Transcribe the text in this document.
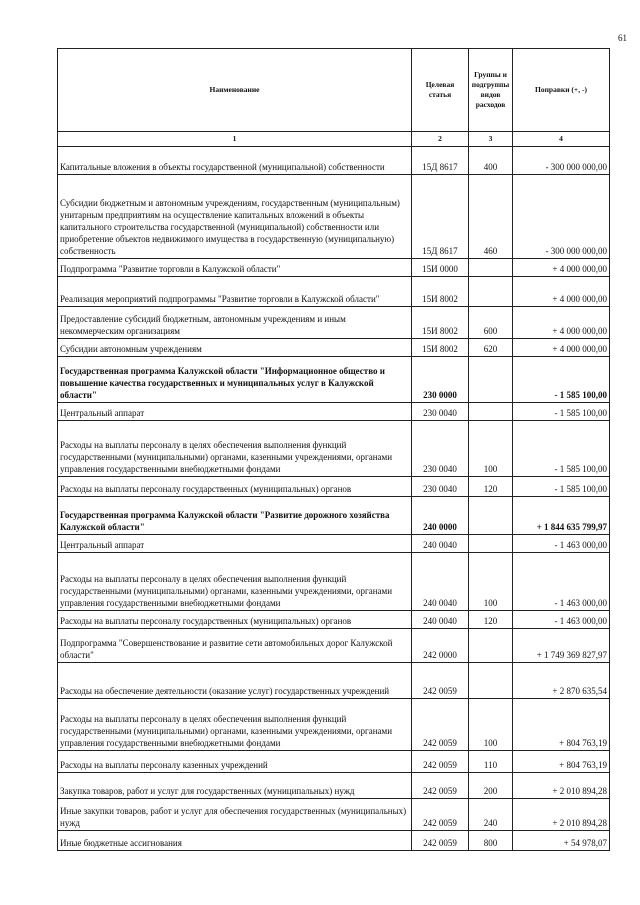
61
Наименование	Целевая статья	Группы и подгруппы видов расходов	Поправки (+, -)
1	2	3	4
Капитальные вложения в объекты государственной (муниципальной) собственности	15Д 8617	400	- 300 000 000,00
Субсидии бюджетным и автономным учреждениям, государственным (муниципальным) унитарным предприятиям на осуществление капитальных вложений в объекты капитального строительства государственной (муниципальной) собственности или приобретение объектов недвижимого имущества в государственную (муниципальную) собственность	15Д 8617	460	- 300 000 000,00
Подпрограмма "Развитие торговли в Калужской области"	15И 0000		+ 4 000 000,00
Реализация мероприятий подпрограммы "Развитие торговли в Калужской области"	15И 8002		+ 4 000 000,00
Предоставление субсидий бюджетным, автономным учреждениям и иным некоммерческим организациям	15И 8002	600	+ 4 000 000,00
Субсидии автономным учреждениям	15И 8002	620	+ 4 000 000,00
Государственная программа Калужской области "Информационное общество и повышение качества государственных и муниципальных услуг в Калужской области"	230 0000		- 1 585 100,00
Центральный аппарат	230 0040		- 1 585 100,00
Расходы на выплаты персоналу в целях обеспечения выполнения функций государственными (муниципальными) органами, казенными учреждениями, органами управления государственными внебюджетными фондами	230 0040	100	- 1 585 100,00
Расходы на выплаты персоналу государственных (муниципальных) органов	230 0040	120	- 1 585 100,00
Государственная программа Калужской области "Развитие дорожного хозяйства Калужской области"	240 0000		+ 1 844 635 799,97
Центральный аппарат	240 0040		- 1 463 000,00
Расходы на выплаты персоналу в целях обеспечения выполнения функций государственными (муниципальными) органами, казенными учреждениями, органами управления государственными внебюджетными фондами	240 0040	100	- 1 463 000,00
Расходы на выплаты персоналу государственных (муниципальных) органов	240 0040	120	- 1 463 000,00
Подпрограмма "Совершенствование и развитие сети автомобильных дорог Калужской области"	242 0000		+ 1 749 369 827,97
Расходы на обеспечение деятельности (оказание услуг) государственных учреждений	242 0059		+ 2 870 635,54
Расходы на выплаты персоналу в целях обеспечения выполнения функций государственными (муниципальными) органами, казенными учреждениями, органами управления государственными внебюджетными фондами	242 0059	100	+ 804 763,19
Расходы на выплаты персоналу казенных учреждений	242 0059	110	+ 804 763,19
Закупка товаров, работ и услуг для государственных (муниципальных) нужд	242 0059	200	+ 2 010 894,28
Иные закупки товаров, работ и услуг для обеспечения государственных (муниципальных) нужд	242 0059	240	+ 2 010 894,28
Иные бюджетные ассигнования	242 0059	800	+ 54 978,07
